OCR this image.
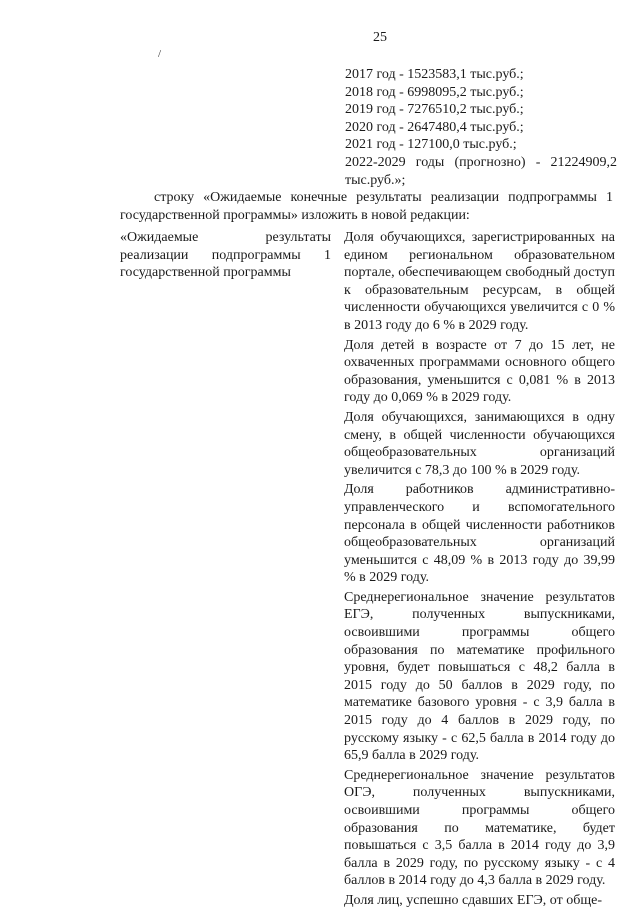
25
/
2017 год - 1523583,1 тыс.руб.;
2018 год - 6998095,2 тыс.руб.;
2019 год - 7276510,2 тыс.руб.;
2020 год - 2647480,4 тыс.руб.;
2021 год - 127100,0 тыс.руб.;
2022-2029 годы (прогнозно) - 21224909,2
тыс.руб.»;

строку «Ожидаемые конечные результаты реализации подпрограммы 1 государственной программы» изложить в новой редакции:

«Ожидаемые результаты реализации подпрограммы 1 государственной программы

Доля обучающихся, зарегистрированных на едином региональном образовательном портале, обеспечивающем свободный доступ к образовательным ресурсам, в общей численности обучающихся увеличится с 0 % в 2013 году до 6 % в 2029 году.

Доля детей в возрасте от 7 до 15 лет, не охваченных программами основного общего образования, уменьшится с 0,081 % в 2013 году до 0,069 % в 2029 году.

Доля обучающихся, занимающихся в одну смену, в общей численности обучающихся общеобразовательных организаций увеличится с 78,3 до 100 % в 2029 году.

Доля работников административно-управленческого и вспомогательного персонала в общей численности работников общеобразовательных организаций уменьшится с 48,09 % в 2013 году до 39,99 % в 2029 году.

Среднерегиональное значение результатов ЕГЭ, полученных выпускниками, освоившими программы общего образования по математике профильного уровня, будет повышаться с 48,2 балла в 2015 году до 50 баллов в 2029 году, по математике базового уровня - с 3,9 балла в 2015 году до 4 баллов в 2029 году, по русскому языку - с 62,5 балла в 2014 году до 65,9 балла в 2029 году.

Среднерегиональное значение результатов ОГЭ, полученных выпускниками, освоившими программы общего образования по математике, будет повышаться с 3,5 балла в 2014 году до 3,9 балла в 2029 году, по русскому языку - с 4 баллов в 2014 году до 4,3 балла в 2029 году.

Доля лиц, успешно сдавших ЕГЭ, от обще-
